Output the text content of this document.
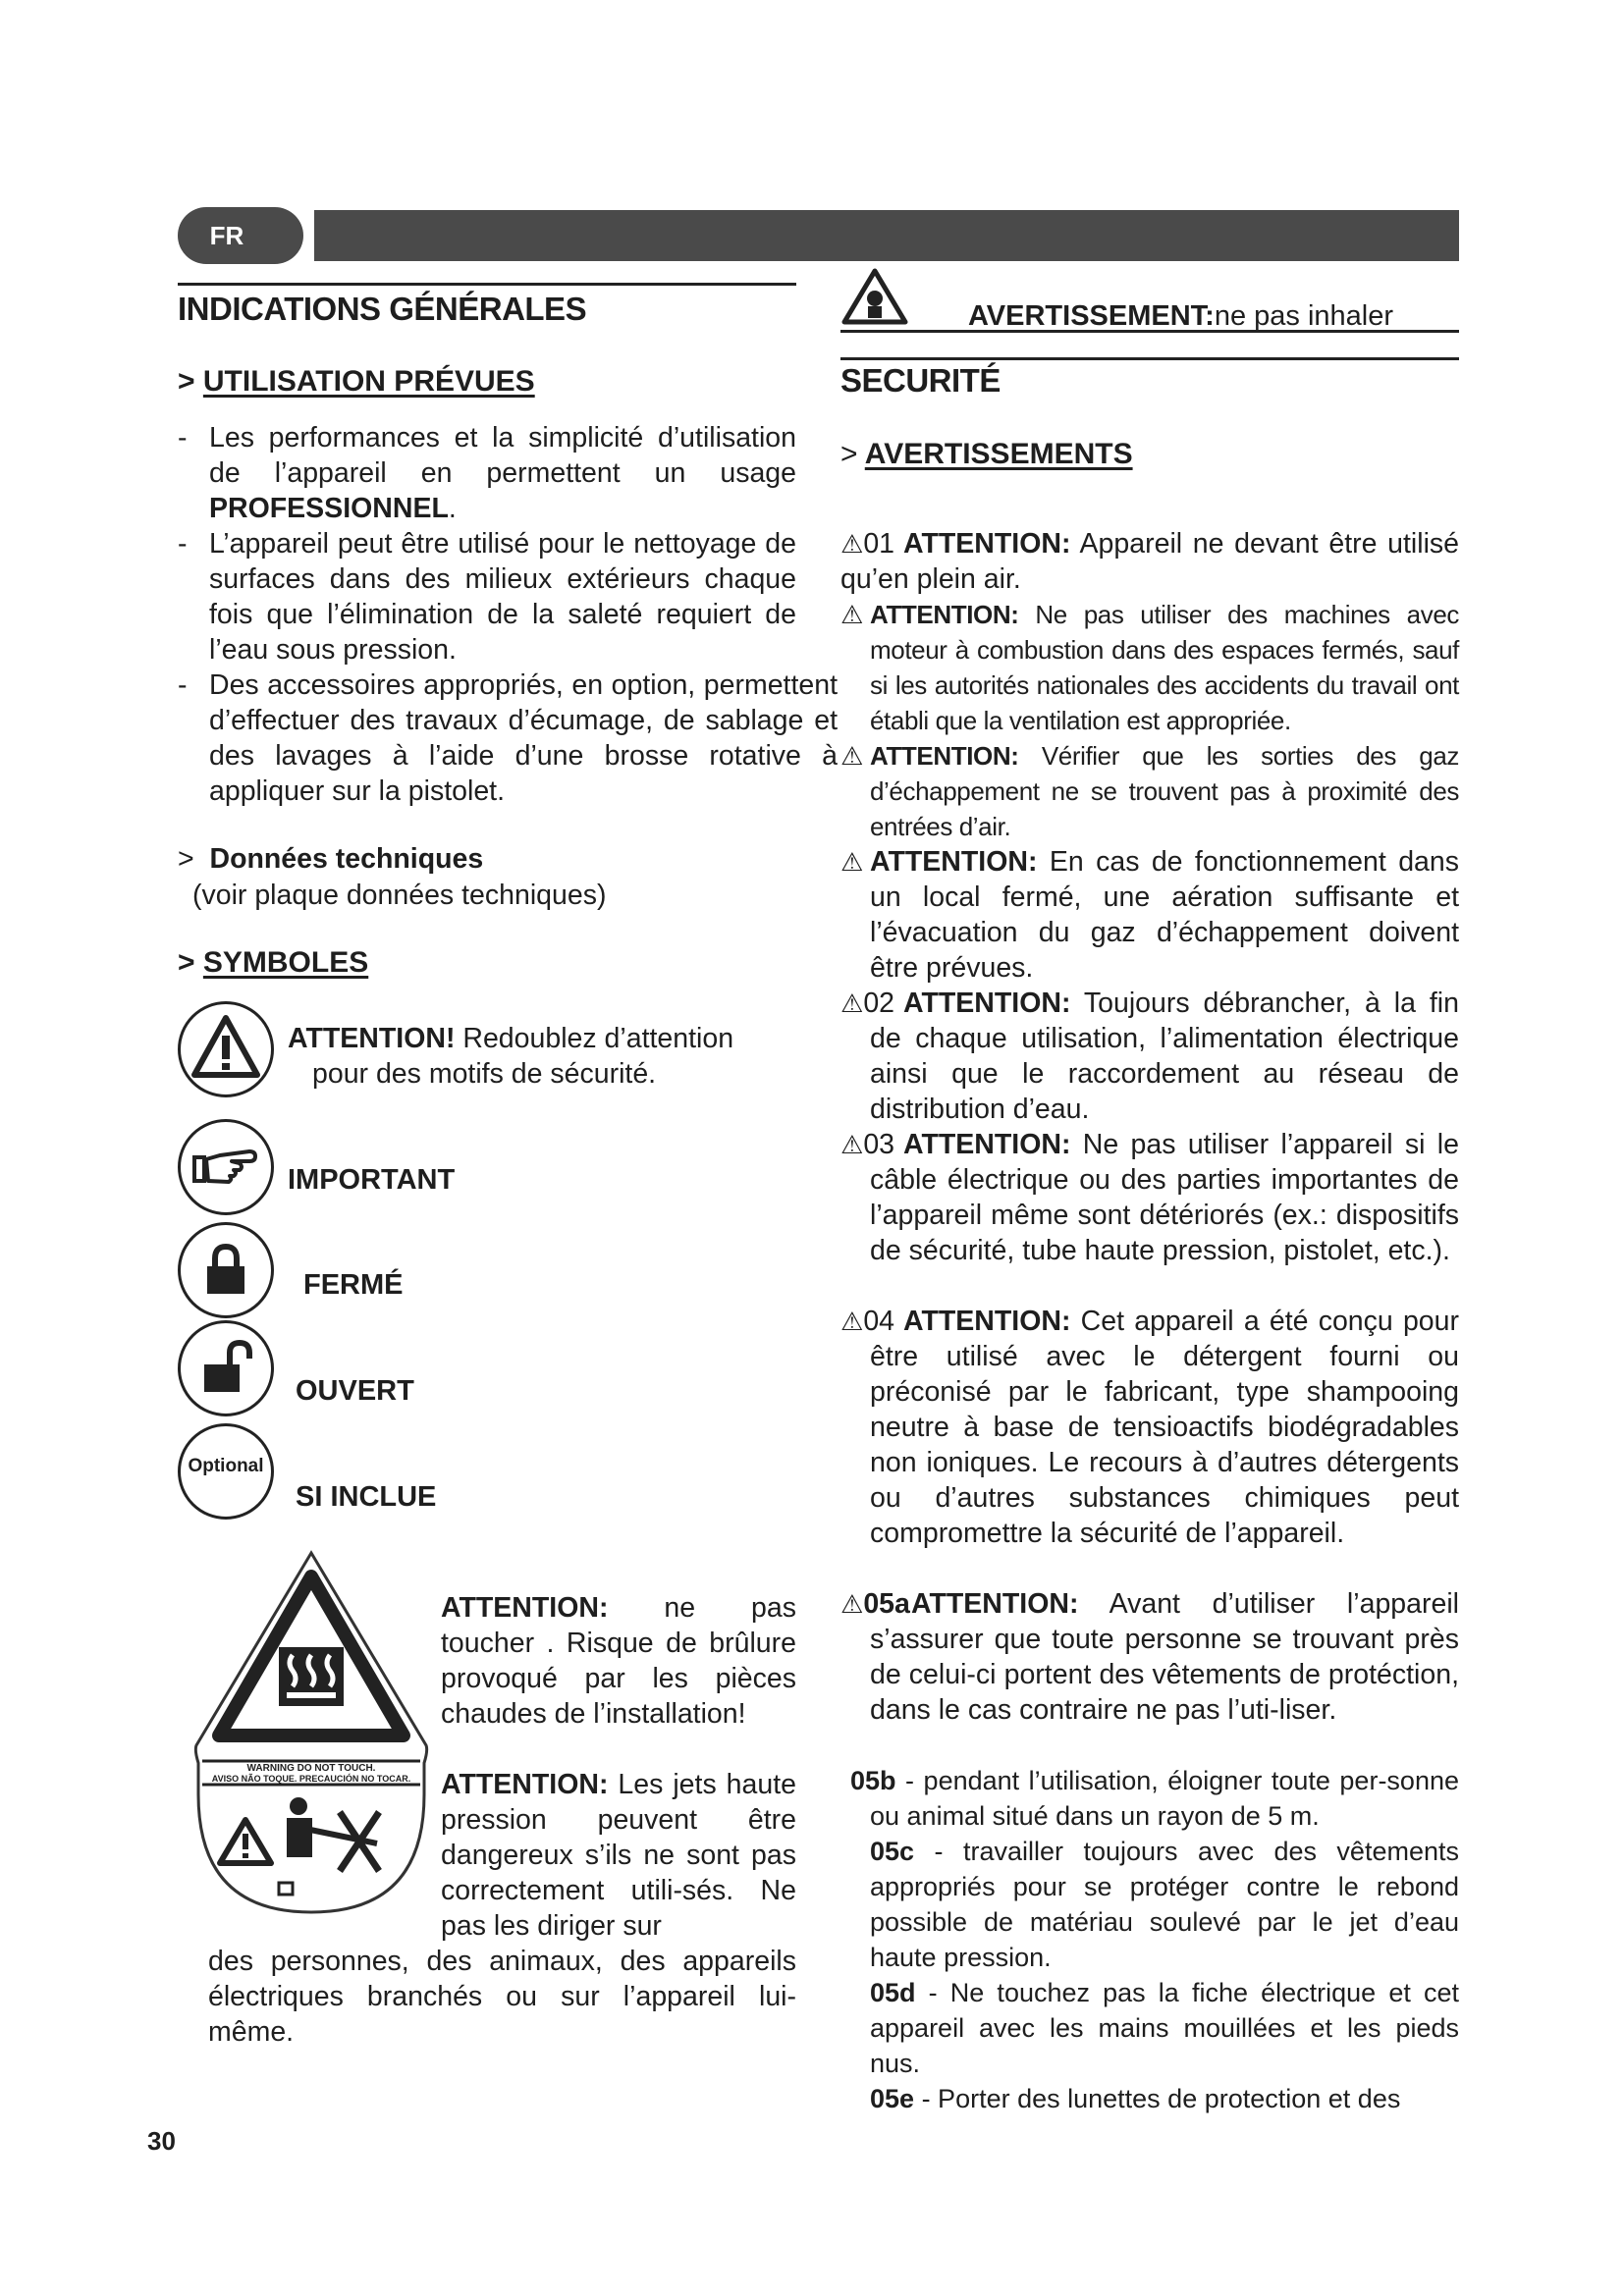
FR
INDICATIONS GÉNÉRALES
> UTILISATION PRÉVUES
- Les performances et la simplicité d’utilisation de l’appareil en permettent un usage PROFESSIONNEL.
- L’appareil peut être utilisé pour le nettoyage de surfaces dans des milieux extérieurs chaque fois que l’élimination de la saleté requiert de l’eau sous pression.
- Des accessoires appropriés, en option, permettent d’effectuer des travaux d’écumage, de sablage et des lavages à l’aide d’une brosse rotative à appliquer sur la pistolet.
> Données techniques
(voir plaque données techniques)
> SYMBOLES
ATTENTION! Redoublez d’attention
pour des motifs de sécurité.
IMPORTANT
FERMÉ
OUVERT
Optional
SI INCLUE
WARNING DO NOT TOUCH.
AVISO NÃO TOQUE. PRECAUCIÓN NO TOCAR.
ATTENTION: ne pas toucher . Risque de brûlure provoqué par les pièces chaudes de l’installation!
ATTENTION: Les jets haute pression peuvent être dangereux s’ils ne sont pas correctement utili-sés. Ne pas les diriger sur
des personnes, des animaux, des appareils électriques branchés ou sur l’appareil lui-même.
30
AVERTISSEMENT:ne pas inhaler
SECURITÉ
> AVERTISSEMENTS
⚠01 ATTENTION: Appareil ne devant être utilisé qu’en plein air.
⚠ ATTENTION: Ne pas utiliser des machines avec moteur à combustion dans des espaces fermés, sauf si les autorités nationales des accidents du travail ont établi que la ventilation est appropriée.
⚠ ATTENTION: Vérifier que les sorties des gaz d’échappement ne se trouvent pas à proximité des entrées d’air.
⚠ ATTENTION: En cas de fonctionnement dans un local fermé, une aération suffisante et l’évacuation du gaz d’échappement doivent être prévues.
⚠02 ATTENTION: Toujours débrancher, à la fin de chaque utilisation, l’alimentation électrique ainsi que le raccordement au réseau de distribution d’eau.
⚠03 ATTENTION: Ne pas utiliser l’appareil si le câble électrique ou des parties importantes de l’appareil même sont détériorés (ex.: dispositifs de sécurité, tube haute pression, pistolet, etc.).
⚠04 ATTENTION: Cet appareil a été conçu pour être utilisé avec le détergent fourni ou préconisé par le fabricant, type shampooing neutre à base de tensioactifs biodégradables non ioniques. Le recours à d’autres détergents ou d’autres substances chimiques peut compromettre la sécurité de l’appareil.
⚠05a ATTENTION: Avant d’utiliser l’appareil s’assurer que toute personne se trouvant près de celui-ci portent des vêtements de protéction, dans le cas contraire ne pas l’uti-liser.
05b - pendant l’utilisation, éloigner toute per-sonne ou animal situé dans un rayon de 5 m.
05c - travailler toujours avec des vêtements appropriés pour se protéger contre le rebond possible de matériau soulevé par le jet d’eau haute pression.
05d - Ne touchez pas la fiche électrique et cet appareil avec les mains mouillées et les pieds nus.
05e - Porter des lunettes de protection et des
